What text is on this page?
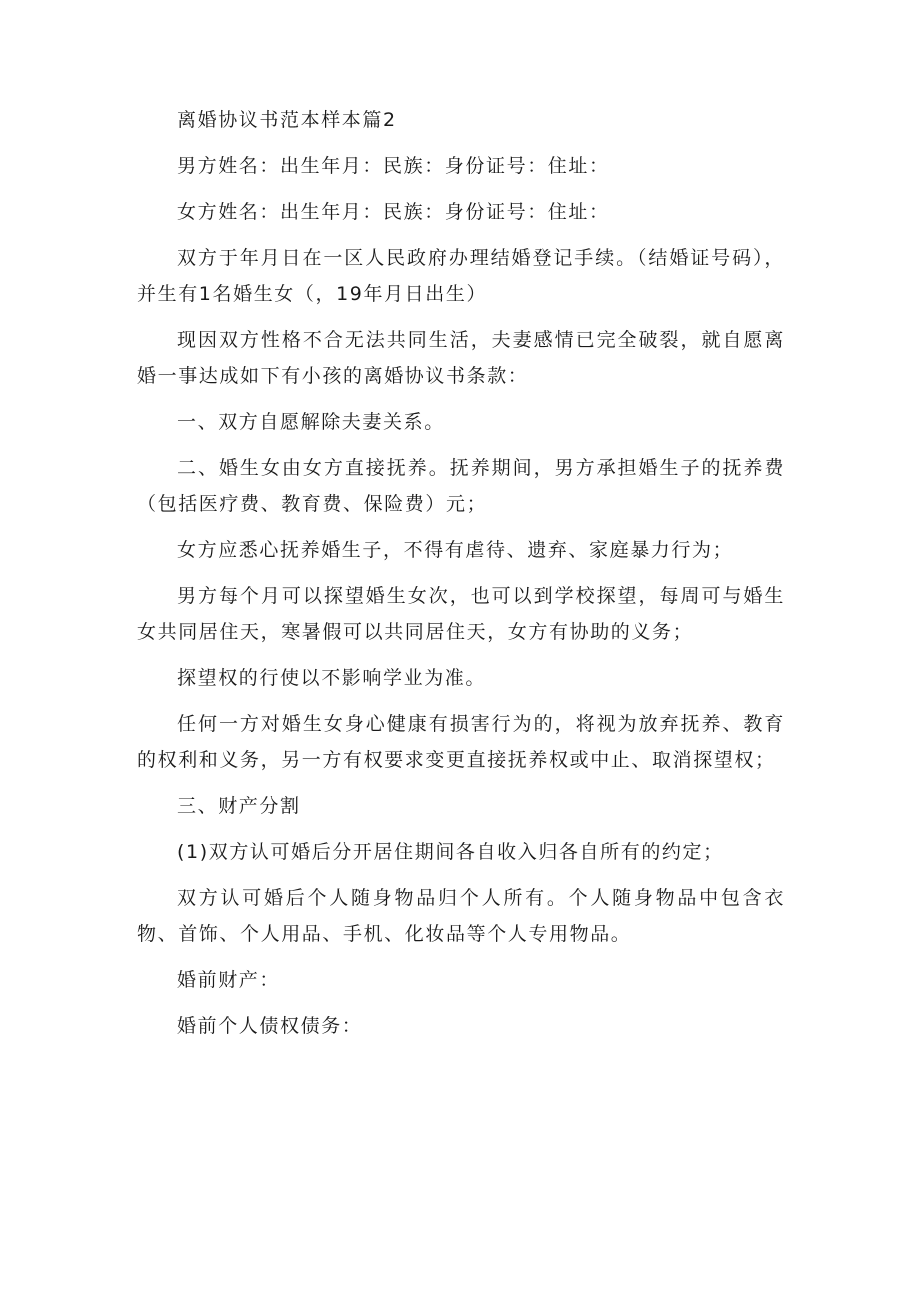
离婚协议书范本样本篇2

男方姓名：出生年月：民族：身份证号：住址：

女方姓名：出生年月：民族：身份证号：住址：

双方于年月日在一区人民政府办理结婚登记手续。（结婚证号码），并生有1名婚生女（，19年月日出生）

现因双方性格不合无法共同生活，夫妻感情已完全破裂，就自愿离婚一事达成如下有小孩的离婚协议书条款：

一、双方自愿解除夫妻关系。

二、婚生女由女方直接抚养。抚养期间，男方承担婚生子的抚养费（包括医疗费、教育费、保险费）元；

女方应悉心抚养婚生子，不得有虐待、遗弃、家庭暴力行为；

男方每个月可以探望婚生女次，也可以到学校探望，每周可与婚生女共同居住天，寒暑假可以共同居住天，女方有协助的义务；

探望权的行使以不影响学业为准。

任何一方对婚生女身心健康有损害行为的，将视为放弃抚养、教育的权利和义务，另一方有权要求变更直接抚养权或中止、取消探望权；

三、财产分割

(1)双方认可婚后分开居住期间各自收入归各自所有的约定；

双方认可婚后个人随身物品归个人所有。个人随身物品中包含衣物、首饰、个人用品、手机、化妆品等个人专用物品。

婚前财产：

婚前个人债权债务：
